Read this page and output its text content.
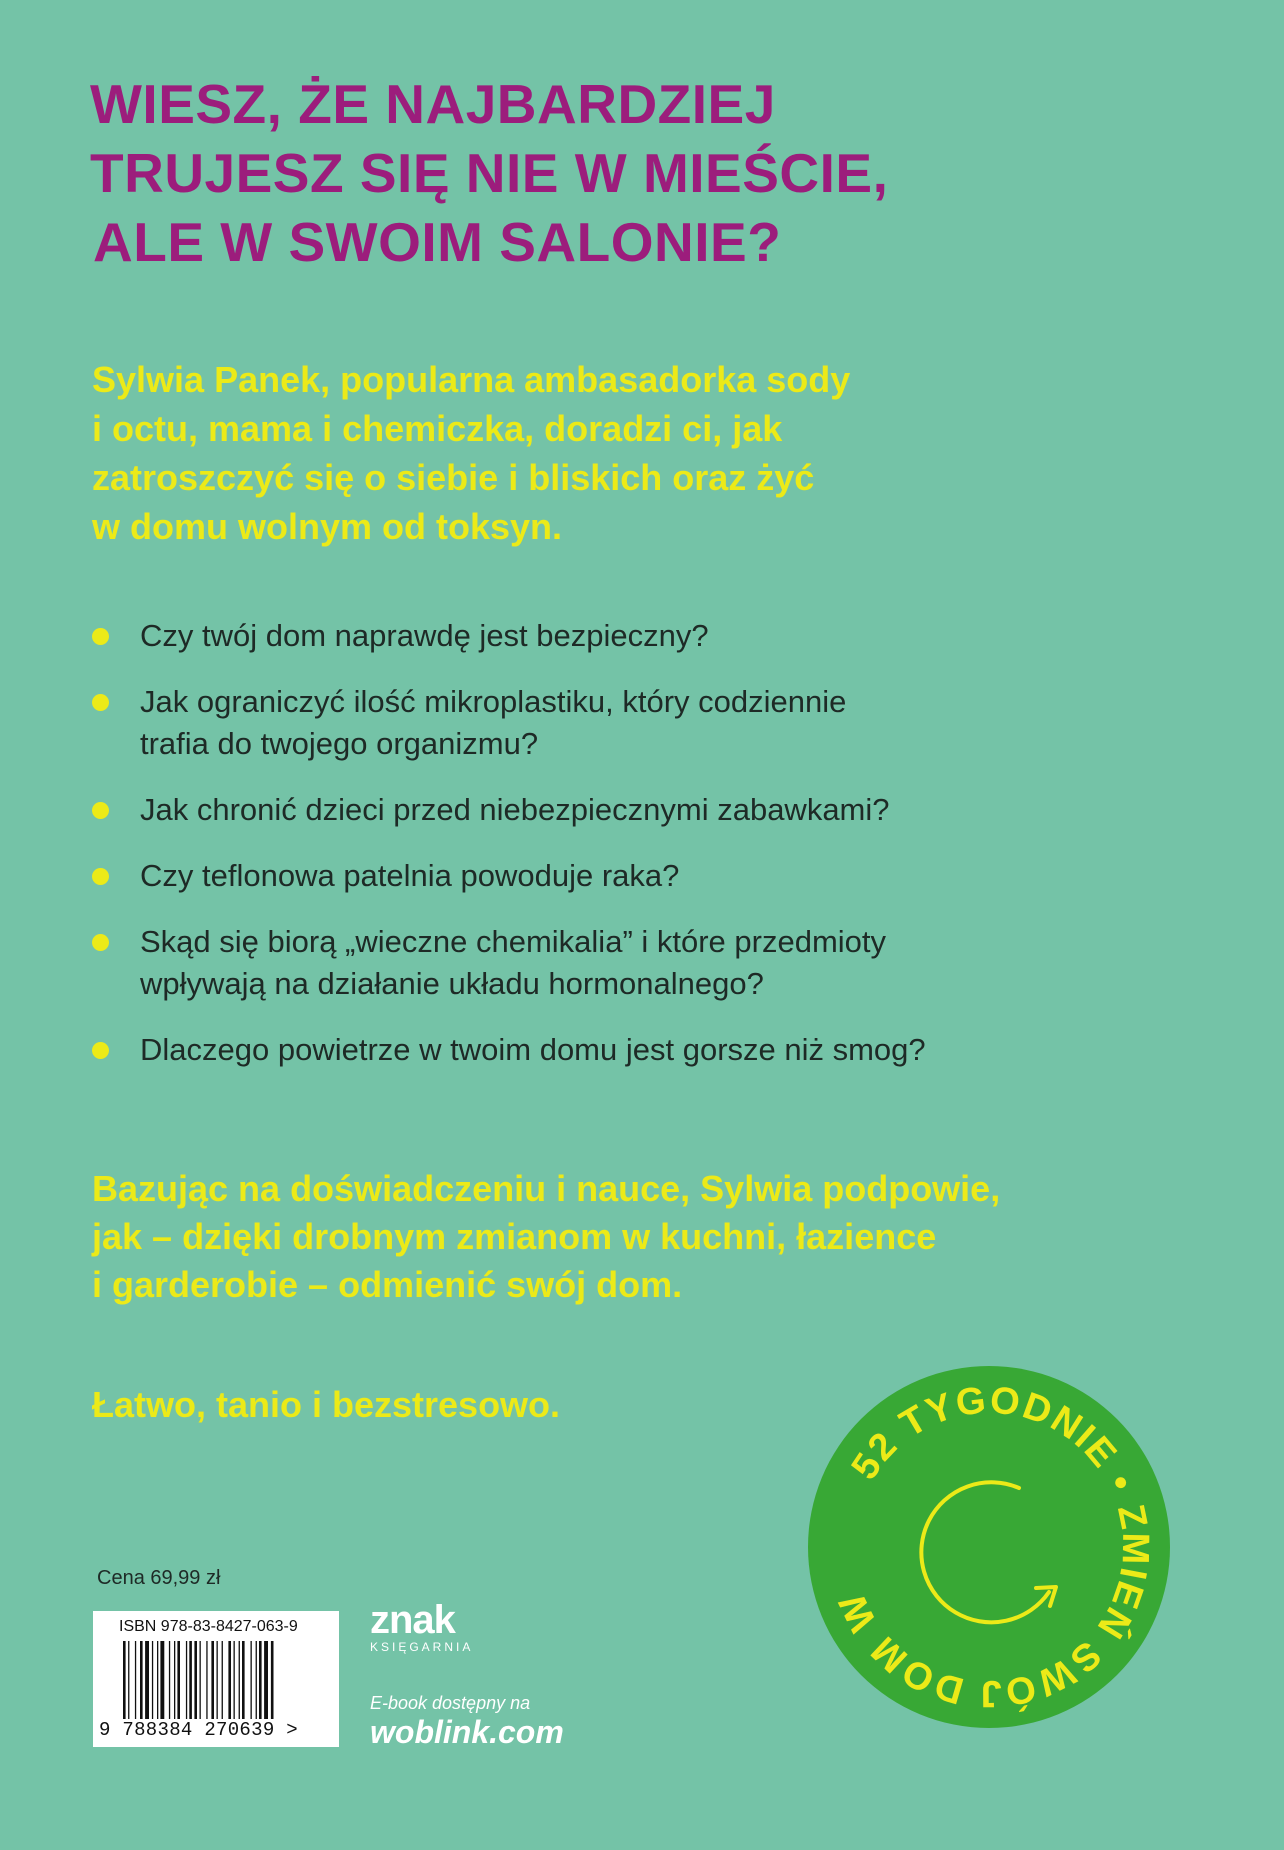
WIESZ, ŻE NAJBARDZIEJ
TRUJESZ SIĘ NIE W MIEŚCIE,
ALE W SWOIM SALONIE?
Sylwia Panek, popularna ambasadorka sody
i octu, mama i chemiczka, doradzi ci, jak
zatroszczyć się o siebie i bliskich oraz żyć
w domu wolnym od toksyn.
Czy twój dom naprawdę jest bezpieczny?
Jak ograniczyć ilość mikroplastiku, który codziennie
trafia do twojego organizmu?
Jak chronić dzieci przed niebezpiecznymi zabawkami?
Czy teflonowa patelnia powoduje raka?
Skąd się biorą „wieczne chemikalia” i które przedmioty
wpływają na działanie układu hormonalnego?
Dlaczego powietrze w twoim domu jest gorsze niż smog?
Bazując na doświadczeniu i nauce, Sylwia podpowie,
jak – dzięki drobnym zmianom w kuchni, łazience
i garderobie – odmienić swój dom.
Łatwo, tanio i bezstresowo.
52 TYGODNIE • ZMIEŃ SWÓJ DOM W
Cena 69,99 zł
ISBN 978-83-8427-063-9
9 788384 270639 >
znak
KSIĘGARNIA
E-book dostępny na
woblink.com
